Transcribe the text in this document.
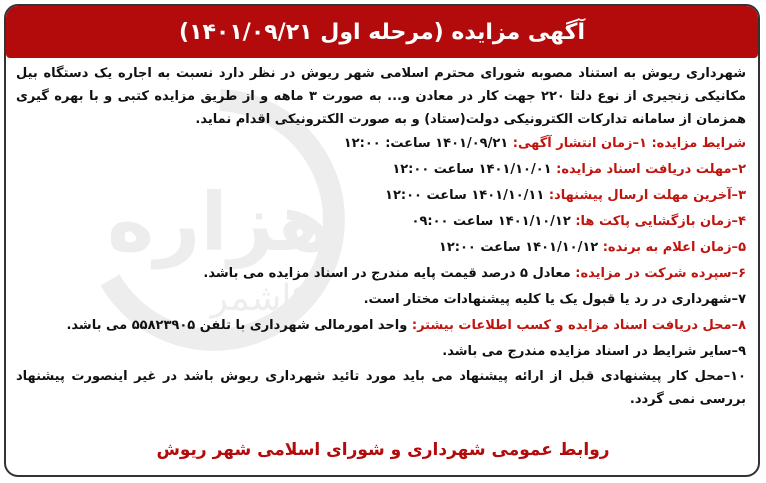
آگهی مزایده (مرحله اول ۱۴۰۱/۰۹/۲۱)

شهرداری ریوش به استناد مصوبه شورای محترم اسلامی شهر ریوش در نظر دارد نسبت به اجاره یک دستگاه بیل مکانیکی زنجیری از نوع دلتا ۲۲۰ جهت کار در معادن و... به صورت ۳ ماهه و از طریق مزایده کتبی و با بهره گیری همزمان از سامانه تدارکات الکترونیکی دولت(ستاد) و به صورت الکترونیکی اقدام نماید.

شرایط مزایده: ۱–زمان انتشار آگهی: ۱۴۰۱/۰۹/۲۱ ساعت: ۱۲:۰۰
۲–مهلت دریافت اسناد مزایده: ۱۴۰۱/۱۰/۰۱ ساعت ۱۲:۰۰
۳–آخرین مهلت ارسال پیشنهاد: ۱۴۰۱/۱۰/۱۱ ساعت ۱۲:۰۰
۴–زمان بازگشایی پاکت ها: ۱۴۰۱/۱۰/۱۲ ساعت ۰۹:۰۰
۵–زمان اعلام به برنده: ۱۴۰۱/۱۰/۱۲ ساعت ۱۲:۰۰
۶–سپرده شرکت در مزایده: معادل ۵ درصد قیمت پایه مندرج در اسناد مزایده می باشد.
۷–شهرداری در رد یا قبول یک یا کلیه پیشنهادات مختار است.
۸–محل دریافت اسناد مزایده و کسب اطلاعات بیشتر: واحد امورمالی شهرداری با تلفن ۵۵۸۲۳۹۰۵ می باشد.
۹–سایر شرایط در اسناد مزایده مندرج می باشد.

۱۰–محل کار پیشنهادی قبل از ارائه پیشنهاد می باید مورد تائید شهرداری ریوش باشد در غیر اینصورت پیشنهاد بررسی نمی گردد.

روابط عمومی شهرداری و شورای اسلامی شهر ریوش
